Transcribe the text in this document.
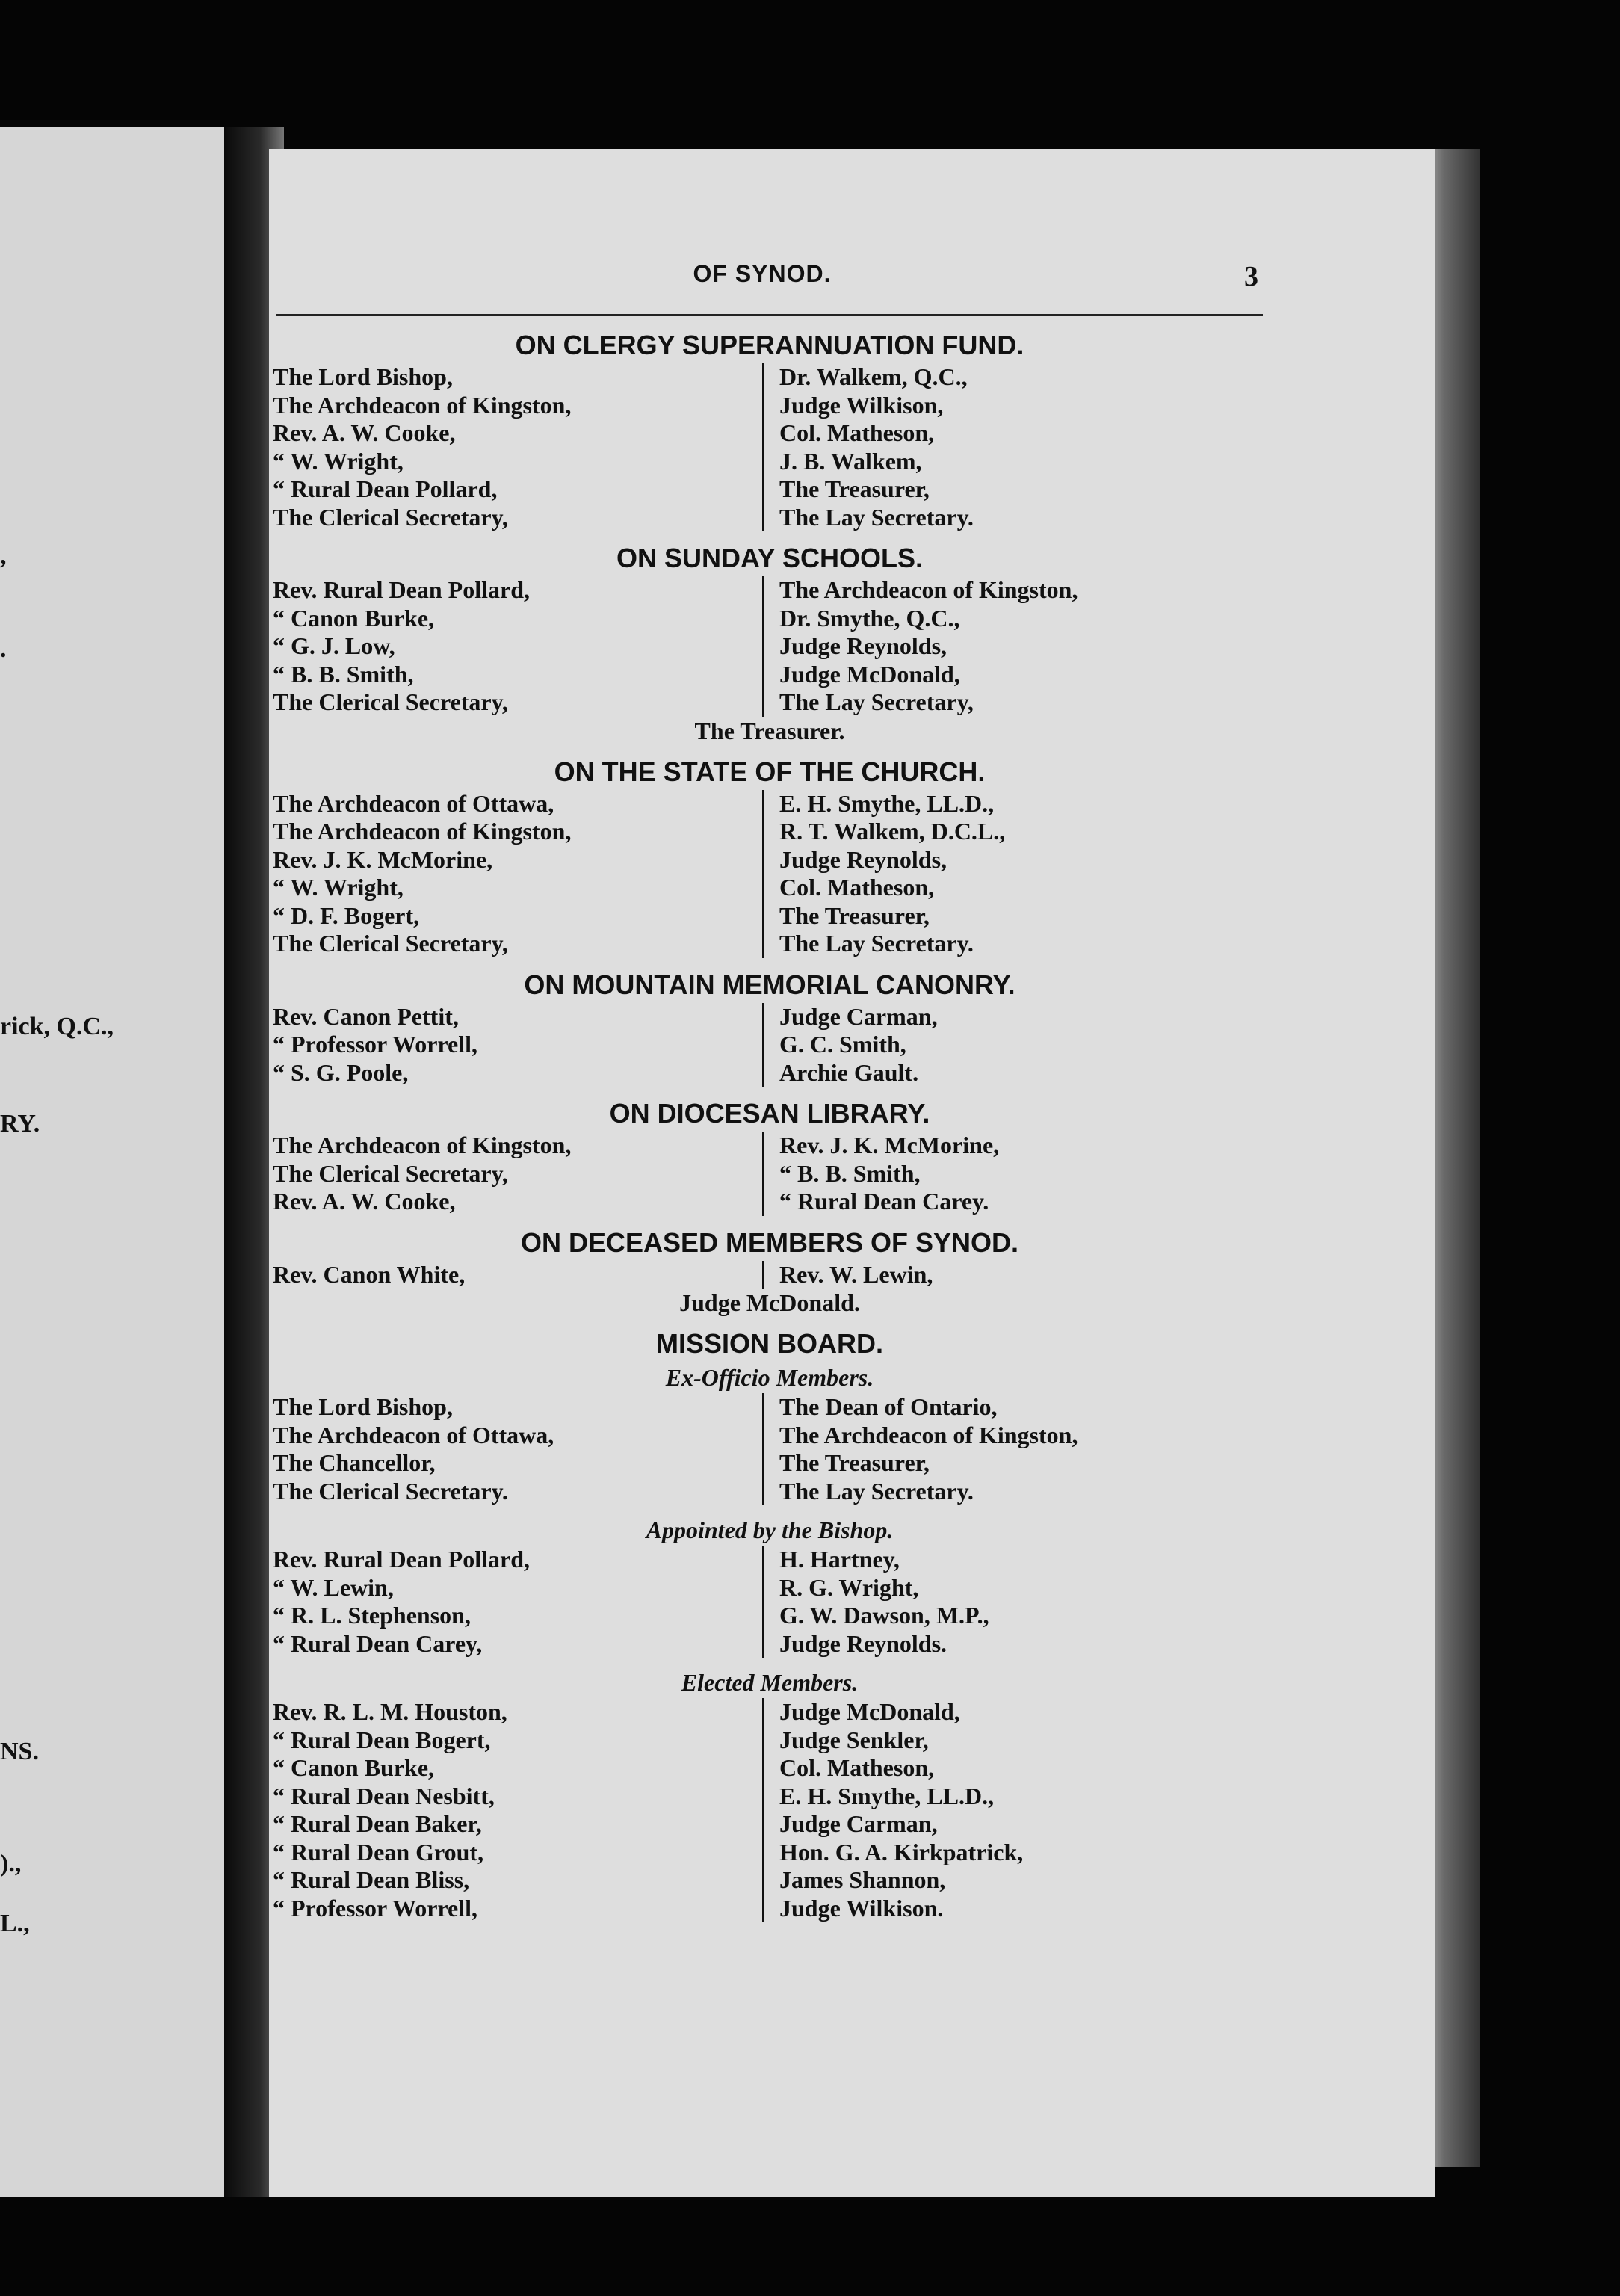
,
.
rick, Q.C.,
RY.
NS.
).,
L.,
OF SYNOD.	3
ON CLERGY SUPERANNUATION FUND.
The Lord Bishop,
The Archdeacon of Kingston,
Rev. A. W. Cooke,
“ W. Wright,
“ Rural Dean Pollard,
The Clerical Secretary,
Dr. Walkem, Q.C.,
Judge Wilkison,
Col. Matheson,
J. B. Walkem,
The Treasurer,
The Lay Secretary.
ON SUNDAY SCHOOLS.
Rev. Rural Dean Pollard,
“ Canon Burke,
“ G. J. Low,
“ B. B. Smith,
The Clerical Secretary,
The Archdeacon of Kingston,
Dr. Smythe, Q.C.,
Judge Reynolds,
Judge McDonald,
The Lay Secretary,
The Treasurer.
ON THE STATE OF THE CHURCH.
The Archdeacon of Ottawa,
The Archdeacon of Kingston,
Rev. J. K. McMorine,
“ W. Wright,
“ D. F. Bogert,
The Clerical Secretary,
E. H. Smythe, LL.D.,
R. T. Walkem, D.C.L.,
Judge Reynolds,
Col. Matheson,
The Treasurer,
The Lay Secretary.
ON MOUNTAIN MEMORIAL CANONRY.
Rev. Canon Pettit,
“ Professor Worrell,
“ S. G. Poole,
Judge Carman,
G. C. Smith,
Archie Gault.
ON DIOCESAN LIBRARY.
The Archdeacon of Kingston,
The Clerical Secretary,
Rev. A. W. Cooke,
Rev. J. K. McMorine,
“ B. B. Smith,
“ Rural Dean Carey.
ON DECEASED MEMBERS OF SYNOD.
Rev. Canon White,	Rev. W. Lewin,
Judge McDonald.
MISSION BOARD.
Ex-Officio Members.
The Lord Bishop,
The Archdeacon of Ottawa,
The Chancellor,
The Clerical Secretary.
The Dean of Ontario,
The Archdeacon of Kingston,
The Treasurer,
The Lay Secretary.
Appointed by the Bishop.
Rev. Rural Dean Pollard,
“ W. Lewin,
“ R. L. Stephenson,
“ Rural Dean Carey,
H. Hartney,
R. G. Wright,
G. W. Dawson, M.P.,
Judge Reynolds.
Elected Members.
Rev. R. L. M. Houston,
“ Rural Dean Bogert,
“ Canon Burke,
“ Rural Dean Nesbitt,
“ Rural Dean Baker,
“ Rural Dean Grout,
“ Rural Dean Bliss,
“ Professor Worrell,
Judge McDonald,
Judge Senkler,
Col. Matheson,
E. H. Smythe, LL.D.,
Judge Carman,
Hon. G. A. Kirkpatrick,
James Shannon,
Judge Wilkison.
